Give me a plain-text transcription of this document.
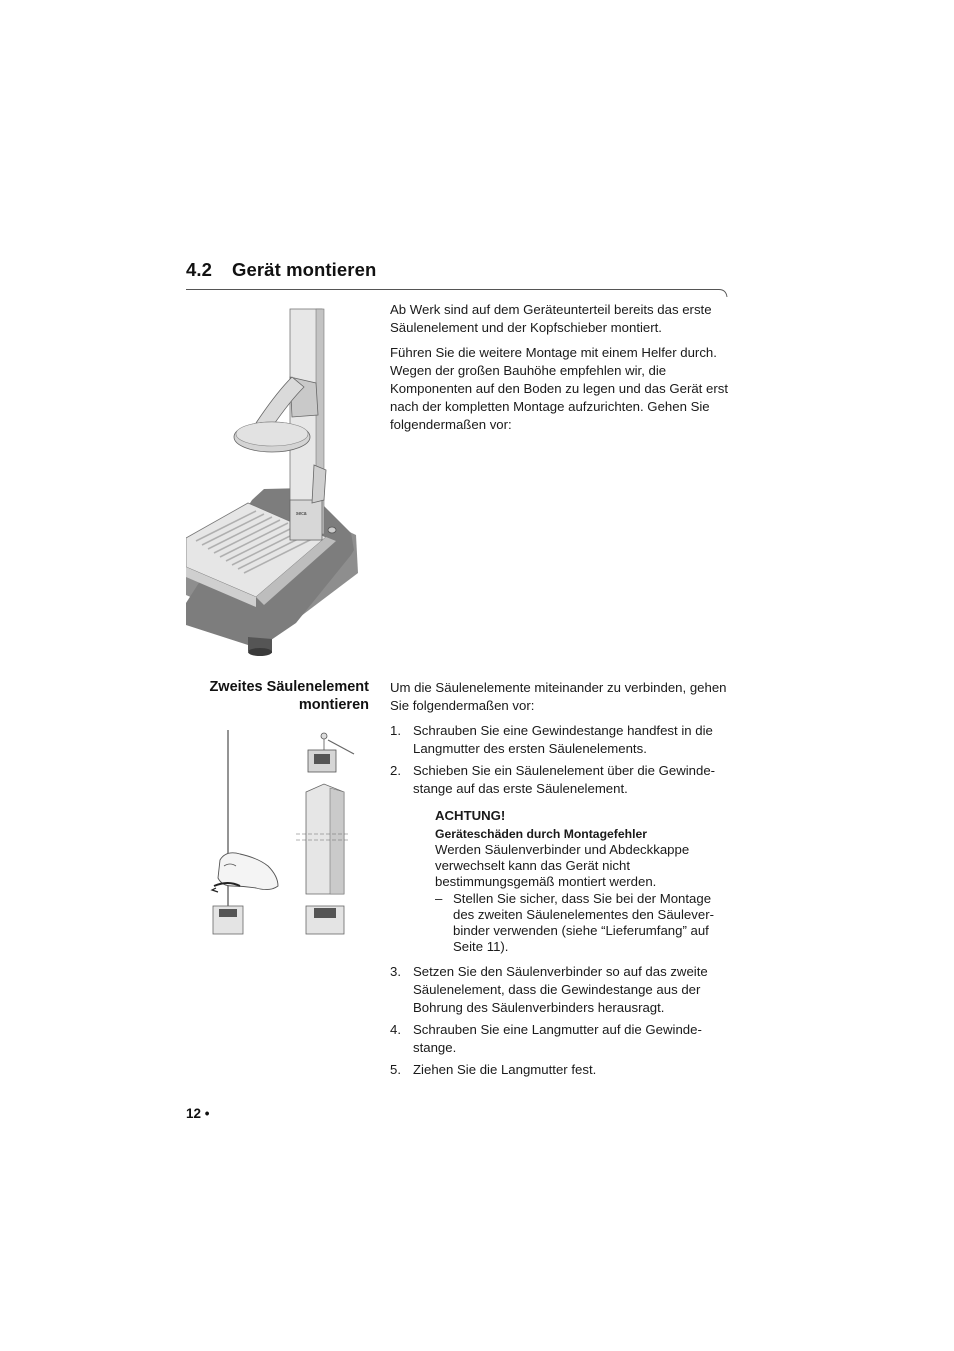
4.2 Gerät montieren
seca

Ab Werk sind auf dem Geräteunterteil bereits das erste Säulenelement und der Kopfschieber montiert.

Führen Sie die weitere Montage mit einem Helfer durch. Wegen der großen Bauhöhe empfehlen wir, die Komponenten auf den Boden zu legen und das Gerät erst nach der kompletten Montage aufzurichten. Gehen Sie folgendermaßen vor:

Zweites Säulenelement
montieren

Um die Säulenelemente miteinander zu verbinden, gehen Sie folgendermaßen vor:

1. Schrauben Sie eine Gewindestange handfest in die Langmutter des ersten Säulenelements.
2. Schieben Sie ein Säulenelement über die Gewinde-stange auf das erste Säulenelement.
ACHTUNG!
Geräteschäden durch Montagefehler
Werden Säulenverbinder und Abdeckkappe verwechselt kann das Gerät nicht bestimmungsgemäß montiert werden.
– Stellen Sie sicher, dass Sie bei der Montage des zweiten Säulenelementes den Säulever-binder verwenden (siehe “Lieferumfang” auf Seite 11).
3. Setzen Sie den Säulenverbinder so auf das zweite Säulenelement, dass die Gewindestange aus der Bohrung des Säulenverbinders herausragt.
4. Schrauben Sie eine Langmutter auf die Gewinde-stange.
5. Ziehen Sie die Langmutter fest.
12 •
